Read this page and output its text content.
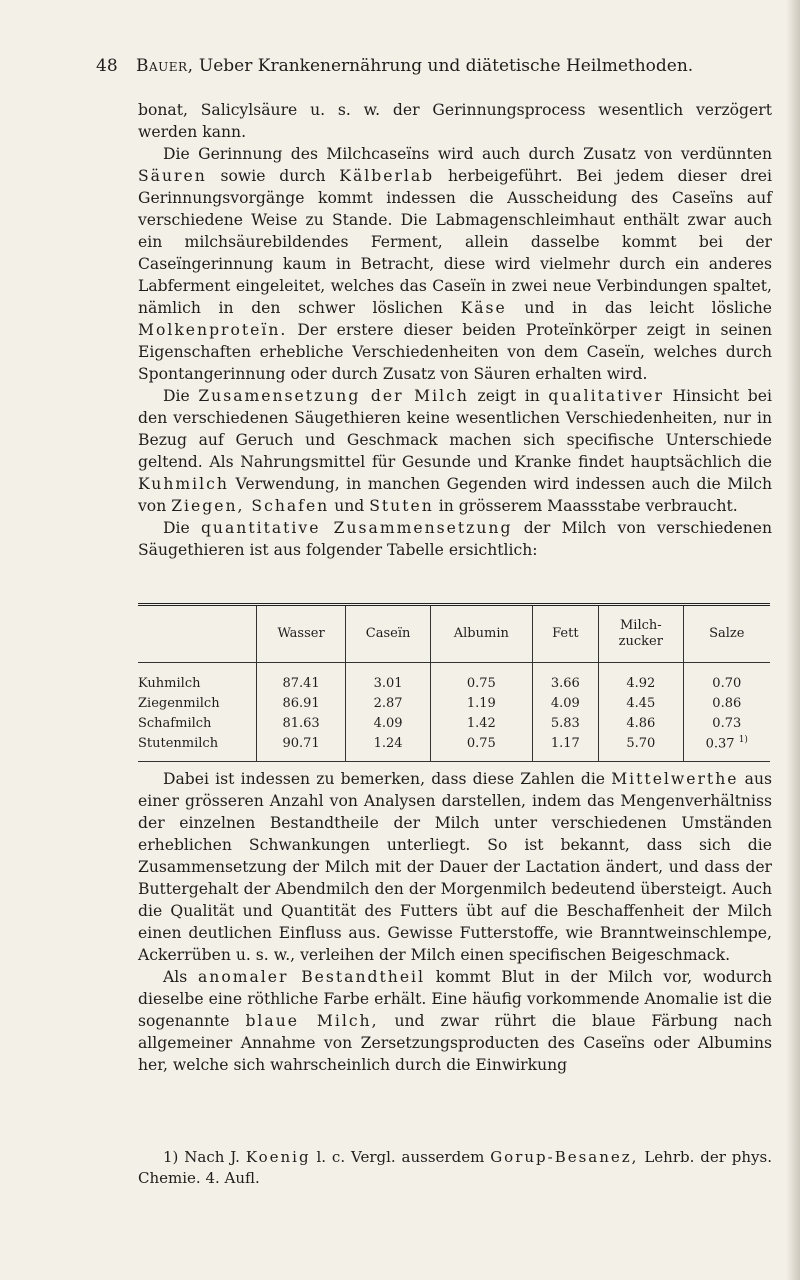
48 Bauer, Ueber Krankenernährung und diätetische Heilmethoden.

bonat, Salicylsäure u. s. w. der Gerinnungsprocess wesentlich verzögert werden kann.

Die Gerinnung des Milchcaseïns wird auch durch Zusatz von verdünnten Säuren sowie durch Kälberlab herbeigeführt. Bei jedem dieser drei Gerinnungsvorgänge kommt indessen die Ausscheidung des Caseïns auf verschiedene Weise zu Stande. Die Labmagenschleimhaut enthält zwar auch ein milchsäurebildendes Ferment, allein dasselbe kommt bei der Caseïngerinnung kaum in Betracht, diese wird vielmehr durch ein anderes Labferment eingeleitet, welches das Caseïn in zwei neue Verbindungen spaltet, nämlich in den schwer löslichen Käse und in das leicht lösliche Molkenproteïn. Der erstere dieser beiden Proteïnkörper zeigt in seinen Eigenschaften erhebliche Verschiedenheiten von dem Caseïn, welches durch Spontangerinnung oder durch Zusatz von Säuren erhalten wird.

Die Zusamensetzung der Milch zeigt in qualitativer Hinsicht bei den verschiedenen Säugethieren keine wesentlichen Verschiedenheiten, nur in Bezug auf Geruch und Geschmack machen sich specifische Unterschiede geltend. Als Nahrungsmittel für Gesunde und Kranke findet hauptsächlich die Kuhmilch Verwendung, in manchen Gegenden wird indessen auch die Milch von Ziegen, Schafen und Stuten in grösserem Maassstabe verbraucht.

Die quantitative Zusammensetzung der Milch von verschiedenen Säugethieren ist aus folgender Tabelle ersichtlich:

	Wasser	Caseïn	Albumin	Fett	Milch-
zucker	Salze
Kuhmilch	87.41	3.01	0.75	3.66	4.92	0.70
Ziegenmilch	86.91	2.87	1.19	4.09	4.45	0.86
Schafmilch	81.63	4.09	1.42	5.83	4.86	0.73
Stutenmilch	90.71	1.24	0.75	1.17	5.70	0.37 $^{1)}$

Dabei ist indessen zu bemerken, dass diese Zahlen die Mittelwerthe aus einer grösseren Anzahl von Analysen darstellen, indem das Mengenverhältniss der einzelnen Bestandtheile der Milch unter verschiedenen Umständen erheblichen Schwankungen unterliegt. So ist bekannt, dass sich die Zusammensetzung der Milch mit der Dauer der Lactation ändert, und dass der Buttergehalt der Abendmilch den der Morgenmilch bedeutend übersteigt. Auch die Qualität und Quantität des Futters übt auf die Beschaffenheit der Milch einen deutlichen Einfluss aus. Gewisse Futterstoffe, wie Branntweinschlempe, Ackerrüben u. s. w., verleihen der Milch einen specifischen Beigeschmack.

Als anomaler Bestandtheil kommt Blut in der Milch vor, wodurch dieselbe eine röthliche Farbe erhält. Eine häufig vorkommende Anomalie ist die sogenannte blaue Milch, und zwar rührt die blaue Färbung nach allgemeiner Annahme von Zersetzungsproducten des Caseïns oder Albumins her, welche sich wahrscheinlich durch die Einwirkung

1) Nach J. Koenig l. c. Vergl. ausserdem Gorup-Besanez, Lehrb. der phys. Chemie. 4. Aufl.
